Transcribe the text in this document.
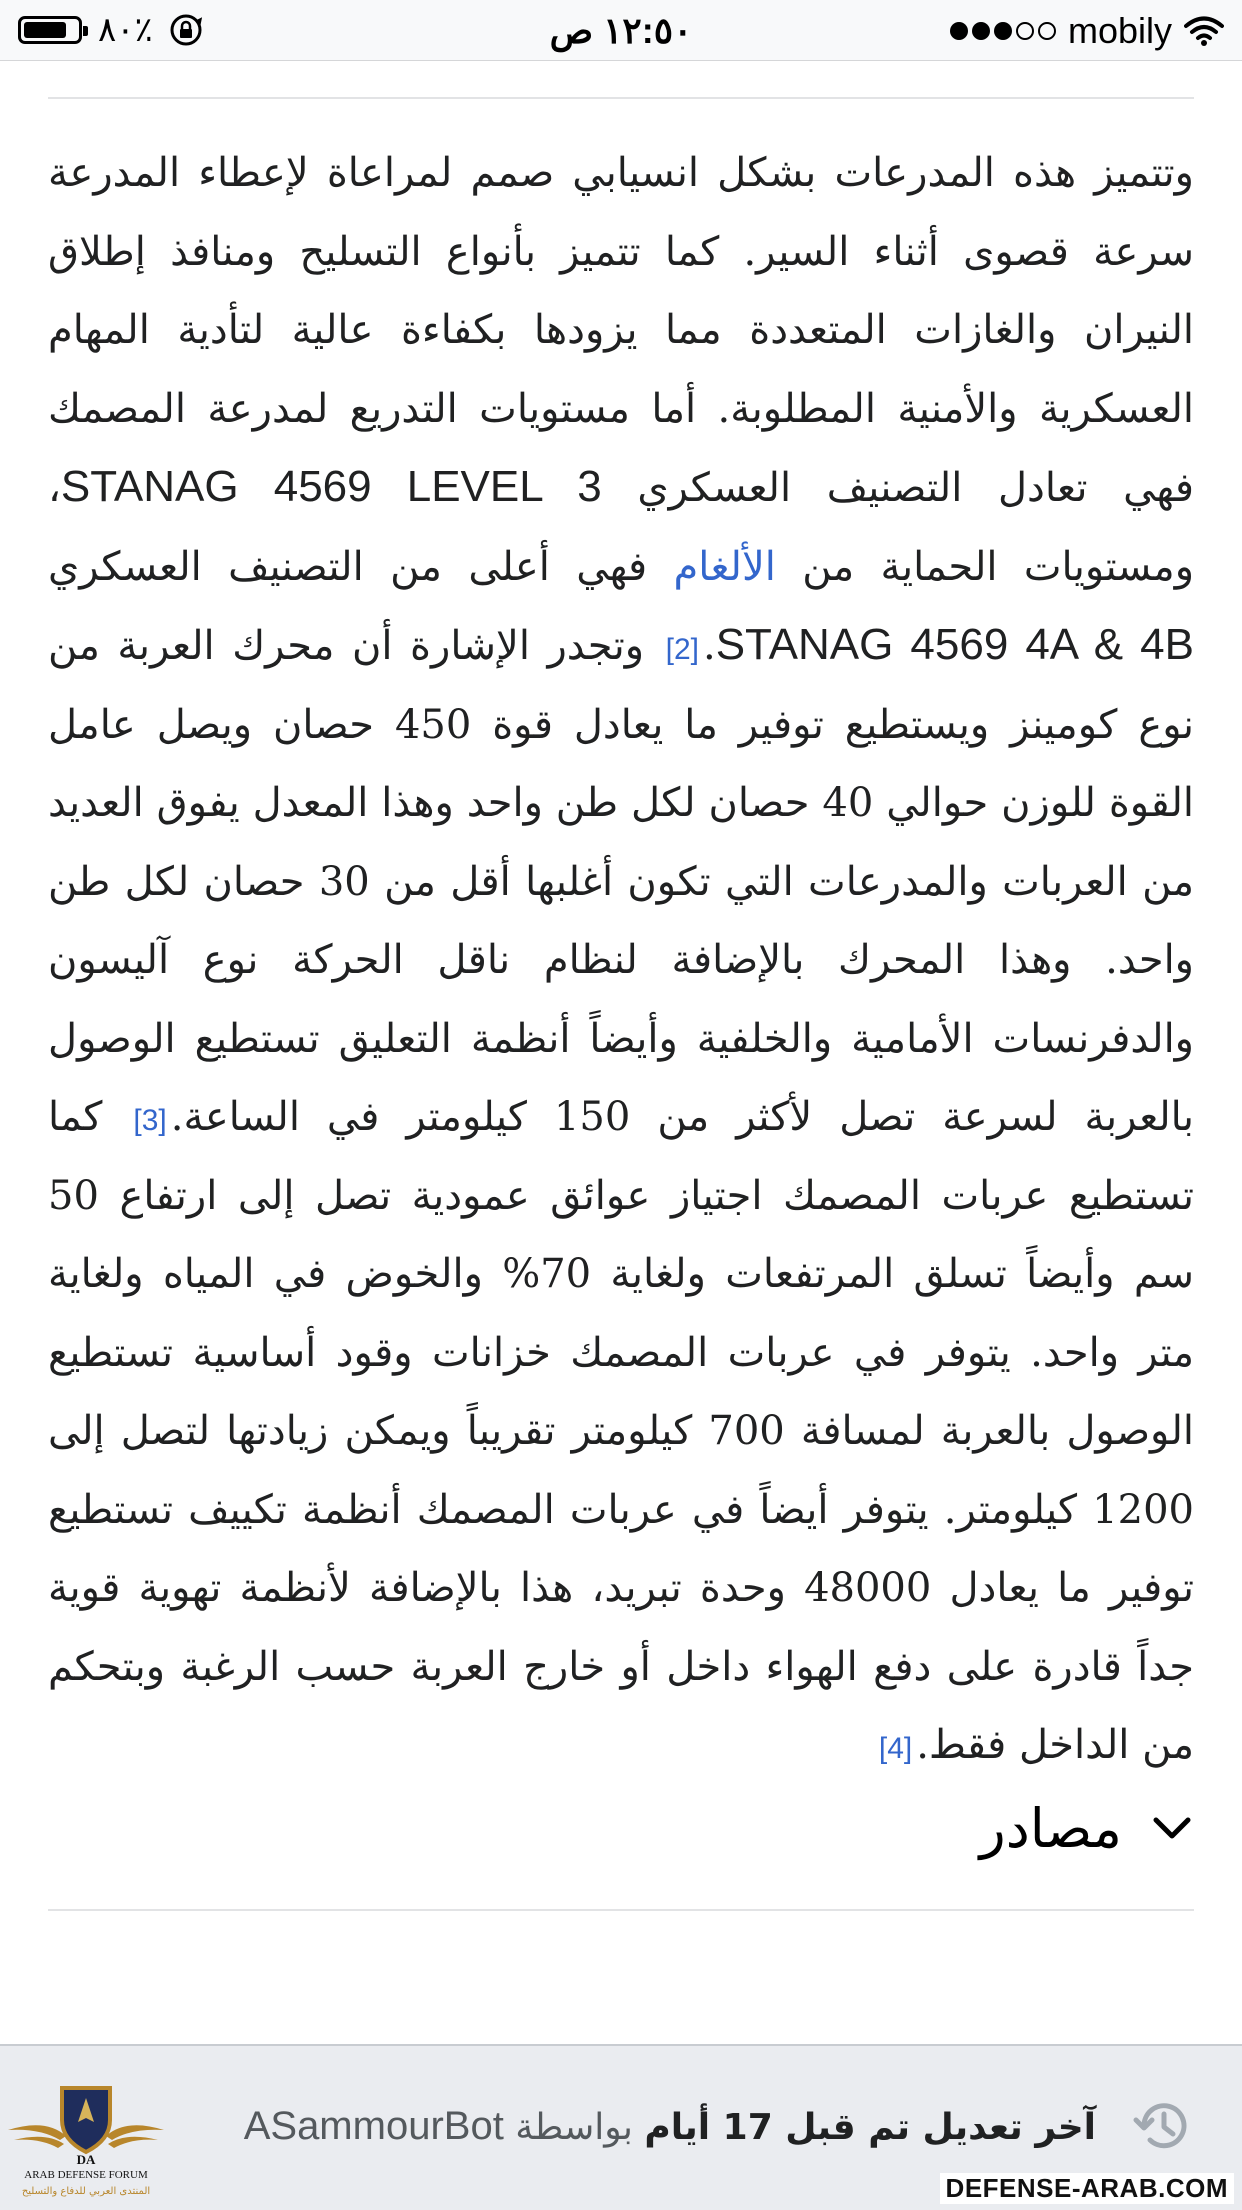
٨٠٪	١٢:٥٠ ص	mobily

وتتميز هذه المدرعات بشكل انسيابي صمم لمراعاة لإعطاء المدرعة سرعة قصوى أثناء السير. كما تتميز بأنواع التسليح ومنافذ إطلاق النيران والغازات المتعددة مما يزودها بكفاءة عالية لتأدية المهام العسكرية والأمنية المطلوبة. أما مستويات التدريع لمدرعة المصمك فهي تعادل التصنيف العسكري STANAG 4569 LEVEL 3، ومستويات الحماية من الألغام فهي أعلى من التصنيف العسكري STANAG 4569 4A & 4B.[2] وتجدر الإشارة أن محرك العربة من نوع كومينز ويستطيع توفير ما يعادل قوة 450 حصان ويصل عامل القوة للوزن حوالي 40 حصان لكل طن واحد وهذا المعدل يفوق العديد من العربات والمدرعات التي تكون أغلبها أقل من 30 حصان لكل طن واحد. وهذا المحرك بالإضافة لنظام ناقل الحركة نوع آليسون والدفرنسات الأمامية والخلفية وأيضاً أنظمة التعليق تستطيع الوصول بالعربة لسرعة تصل لأكثر من 150 كيلومتر في الساعة.[3] كما تستطيع عربات المصمك اجتياز عوائق عمودية تصل إلى ارتفاع 50 سم وأيضاً تسلق المرتفعات ولغاية 70% والخوض في المياه ولغاية متر واحد. يتوفر في عربات المصمك خزانات وقود أساسية تستطيع الوصول بالعربة لمسافة 700 كيلومتر تقريباً ويمكن زيادتها لتصل إلى 1200 كيلومتر. يتوفر أيضاً في عربات المصمك أنظمة تكييف تستطيع توفير ما يعادل 48000 وحدة تبريد، هذا بالإضافة لأنظمة تهوية قوية جداً قادرة على دفع الهواء داخل أو خارج العربة حسب الرغبة وبتحكم من الداخل فقط.[4]

مصادر
آخر تعديل تم قبل 17 أيام بواسطة ASammourBot
DA
ARAB DEFENSE FORUM
المنتدى العربي للدفاع والتسليح	DEFENSE-ARAB.COM
